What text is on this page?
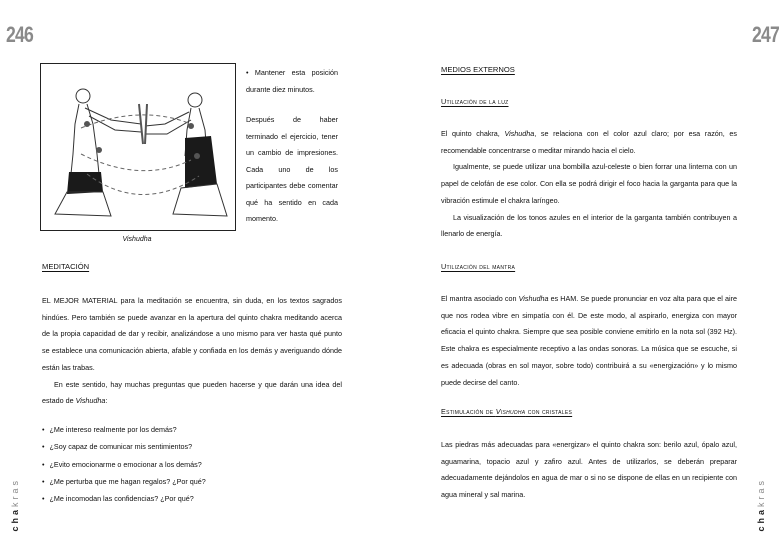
246
Vishudha

• Mantener esta posición durante diez minutos.

Después de haber terminado el ejercicio, tener un cambio de impresiones. Cada uno de los participantes debe comentar qué ha sentido en cada momento.

MEDITACIÓN

EL MEJOR MATERIAL para la meditación se encuentra, sin duda, en los textos sagrados hindúes. Pero también se puede avanzar en la apertura del quinto chakra meditando acerca de la propia capacidad de dar y recibir, analizándose a uno mismo para ver hasta qué punto se establece una comunicación abierta, afable y confiada en los demás y averiguando dónde están las trabas.

En este sentido, hay muchas preguntas que pueden hacerse y que darán una idea del estado de Vishudha:

• ¿Me intereso realmente por los demás?
• ¿Soy capaz de comunicar mis sentimientos?
• ¿Evito emocionarme o emocionar a los demás?
• ¿Me perturba que me hagan regalos? ¿Por qué?
• ¿Me incomodan las confidencias? ¿Por qué?
chakras
247
MEDIOS EXTERNOS
Utilización de la luz

El quinto chakra, Vishudha, se relaciona con el color azul claro; por esa razón, es recomendable concentrarse o meditar mirando hacia el cielo.

Igualmente, se puede utilizar una bombilla azul-celeste o bien forrar una linterna con un papel de celofán de ese color. Con ella se podrá dirigir el foco hacia la garganta para que la vibración estimule el chakra laríngeo.

La visualización de los tonos azules en el interior de la garganta también contribuyen a llenarlo de energía.

Utilización del mantra

El mantra asociado con Vishudha es HAM. Se puede pronunciar en voz alta para que el aire que nos rodea vibre en simpatía con él. De este modo, al aspirarlo, energiza con mayor eficacia el quinto chakra. Siempre que sea posible conviene emitirlo en la nota sol (392 Hz). Este chakra es especialmente receptivo a las ondas sonoras. La música que se escuche, si es adecuada (obras en sol mayor, sobre todo) contribuirá a su «energización» y lo mismo puede decirse del canto.

Estimulación de Vishudha con cristales

Las piedras más adecuadas para «energizar» el quinto chakra son: berilo azul, ópalo azul, aguamarina, topacio azul y zafiro azul. Antes de utilizarlos, se deberán preparar adecuadamente dejándolos en agua de mar o si no se dispone de ellas en un recipiente con agua mineral y sal marina.

chakras
